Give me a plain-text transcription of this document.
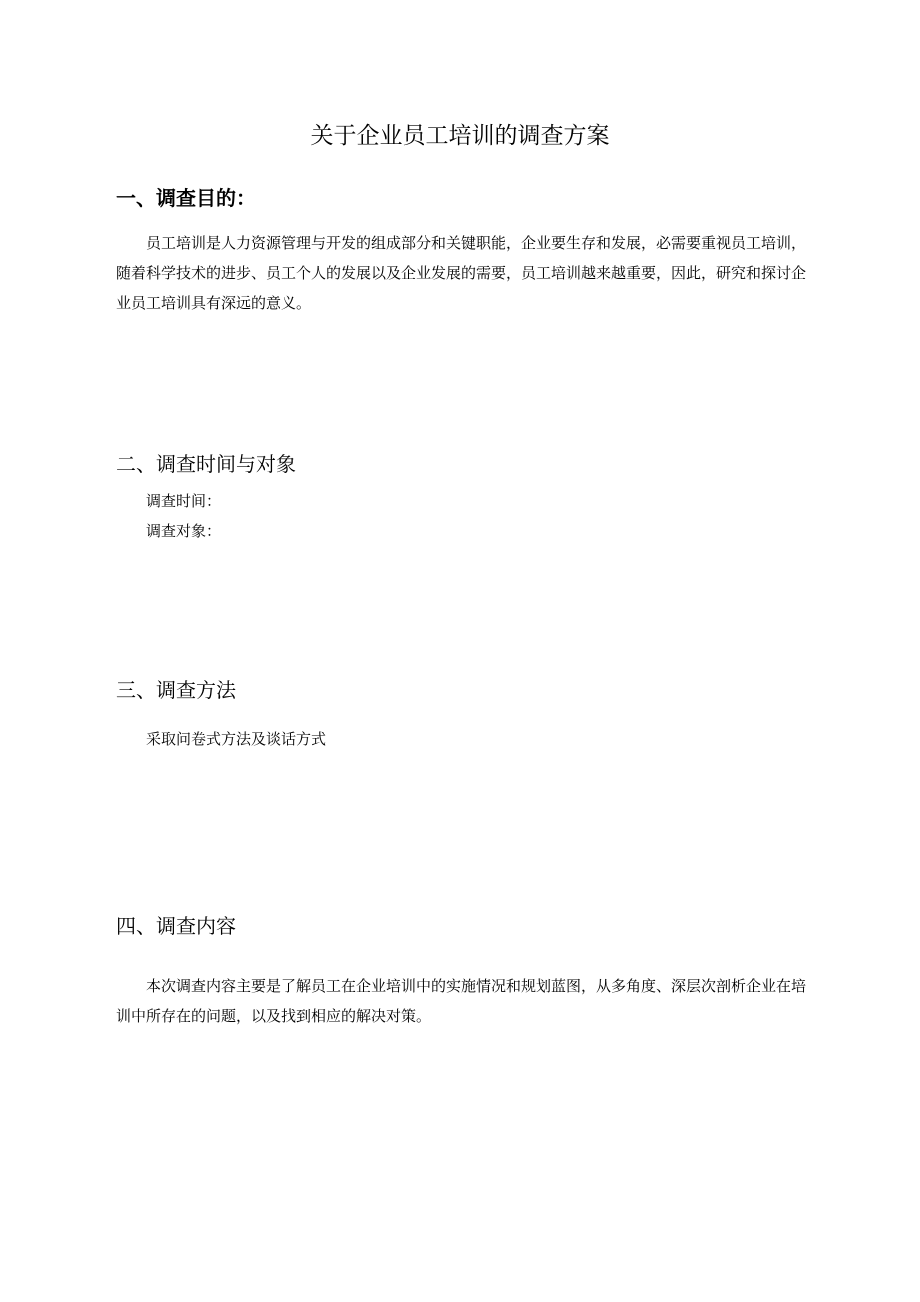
关于企业员工培训的调查方案
一、调查目的：

员工培训是人力资源管理与开发的组成部分和关键职能，企业要生存和发展，必需要重视员工培训，随着科学技术的进步、员工个人的发展以及企业发展的需要，员工培训越来越重要，因此，研究和探讨企业员工培训具有深远的意义。

二、调查时间与对象

调查时间：

调查对象：

三、调查方法

采取问卷式方法及谈话方式

四、调查内容

本次调查内容主要是了解员工在企业培训中的实施情况和规划蓝图，从多角度、深层次剖析企业在培训中所存在的问题，以及找到相应的解决对策。
